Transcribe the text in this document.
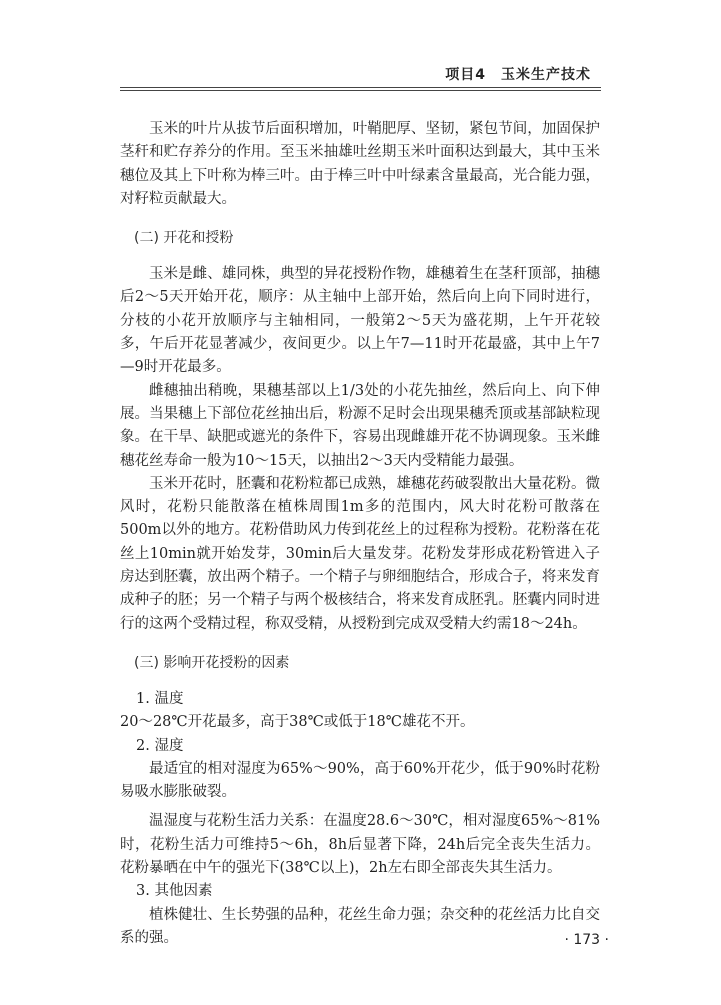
项目4　玉米生产技术

玉米的叶片从拔节后面积增加，叶鞘肥厚、坚韧，紧包节间，加固保护茎秆和贮存养分的作用。至玉米抽雄吐丝期玉米叶面积达到最大，其中玉米穗位及其上下叶称为棒三叶。由于棒三叶中叶绿素含量最高，光合能力强，对籽粒贡献最大。

(二) 开花和授粉

玉米是雌、雄同株，典型的异花授粉作物，雄穗着生在茎秆顶部，抽穗后2～5天开始开花，顺序：从主轴中上部开始，然后向上向下同时进行，分枝的小花开放顺序与主轴相同，一般第2～5天为盛花期，上午开花较多，午后开花显著减少，夜间更少。以上午7—11时开花最盛，其中上午7—9时开花最多。

雌穗抽出稍晚，果穗基部以上1/3处的小花先抽丝，然后向上、向下伸展。当果穗上下部位花丝抽出后，粉源不足时会出现果穗秃顶或基部缺粒现象。在干旱、缺肥或遮光的条件下，容易出现雌雄开花不协调现象。玉米雌穗花丝寿命一般为10～15天，以抽出2～3天内受精能力最强。

玉米开花时，胚囊和花粉粒都已成熟，雄穗花药破裂散出大量花粉。微风时，花粉只能散落在植株周围1m多的范围内，风大时花粉可散落在500m以外的地方。花粉借助风力传到花丝上的过程称为授粉。花粉落在花丝上10min就开始发芽，30min后大量发芽。花粉发芽形成花粉管进入子房达到胚囊，放出两个精子。一个精子与卵细胞结合，形成合子，将来发育成种子的胚；另一个精子与两个极核结合，将来发育成胚乳。胚囊内同时进行的这两个受精过程，称双受精，从授粉到完成双受精大约需18～24h。

(三) 影响开花授粉的因素
1. 温度

20～28℃开花最多，高于38℃或低于18℃雄花不开。

2. 湿度

最适宜的相对湿度为65%～90%，高于60%开花少，低于90%时花粉易吸水膨胀破裂。

温湿度与花粉生活力关系：在温度28.6～30℃，相对湿度65%～81%时，花粉生活力可维持5～6h，8h后显著下降，24h后完全丧失生活力。花粉暴晒在中午的强光下(38℃以上)，2h左右即全部丧失其生活力。

3. 其他因素

植株健壮、生长势强的品种，花丝生命力强；杂交种的花丝活力比自交系的强。	· 173 ·
